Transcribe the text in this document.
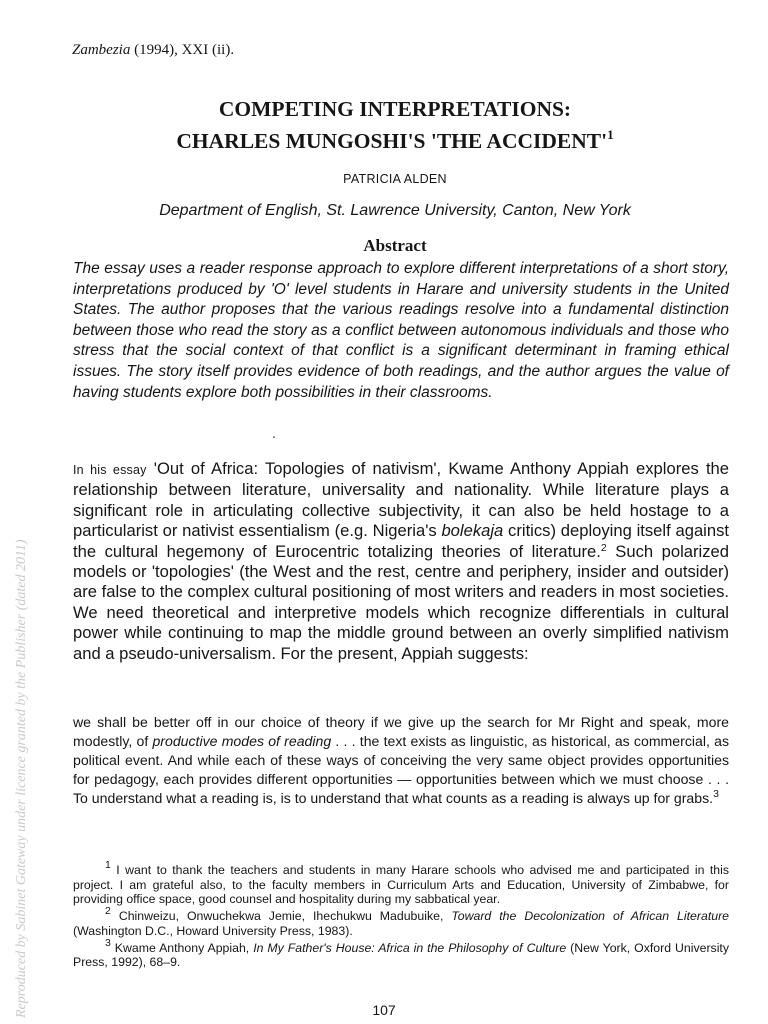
Reproduced by Sabinet Gateway under licence granted by the Publisher (dated 2011)
Zambezia (1994), XXI (ii).
COMPETING INTERPRETATIONS:
CHARLES MUNGOSHI'S 'THE $ACCIDENT'^1$
PATRICIA ALDEN
Department of English, St. Lawrence University, Canton, New York
Abstract

The essay uses a reader response approach to explore different interpretations of a short story, interpretations produced by 'O' level students in Harare and university students in the United States. The author proposes that the various readings resolve into a fundamental distinction between those who read the story as a conflict between autonomous individuals and those who stress that the social context of that conflict is a significant determinant in framing ethical issues. The story itself provides evidence of both readings, and the author argues the value of having students explore both possibilities in their classrooms.

.

In his essay 'Out of Africa: Topologies of nativism', Kwame Anthony Appiah explores the relationship between literature, universality and nationality. While literature plays a significant role in articulating collective subjectivity, it can also be held hostage to a particularist or nativist essentialism (e.g. Nigeria's bolekaja critics) deploying itself against the cultural hegemony of Eurocentric totalizing theories of literature.$^2$ Such polarized models or 'topologies' (the West and the rest, centre and periphery, insider and outsider) are false to the complex cultural positioning of most writers and readers in most societies. We need theoretical and interpretive models which recognize differentials in cultural power while continuing to map the middle ground between an overly simplified nativism and a pseudo-universalism. For the present, Appiah suggests:

we shall be better off in our choice of theory if we give up the search for Mr Right and speak, more modestly, of productive modes of reading . . . the text exists as linguistic, as historical, as commercial, as political event. And while each of these ways of conceiving the very same object provides opportunities for pedagogy, each provides different opportunities — opportunities between which we must choose . . . To understand what a reading is, is to understand that what counts as a reading is always up for grabs.$^3$

$^1$ I want to thank the teachers and students in many Harare schools who advised me and participated in this project. I am grateful also, to the faculty members in Curriculum Arts and Education, University of Zimbabwe, for providing office space, good counsel and hospitality during my sabbatical year.

$^2$ Chinweizu, Onwuchekwa Jemie, Ihechukwu Madubuike, Toward the Decolonization of African Literature (Washington D.C., Howard University Press, 1983).

$^3$ Kwame Anthony Appiah, In My Father's House: Africa in the Philosophy of Culture (New York, Oxford University Press, 1992), 68–9.

107
